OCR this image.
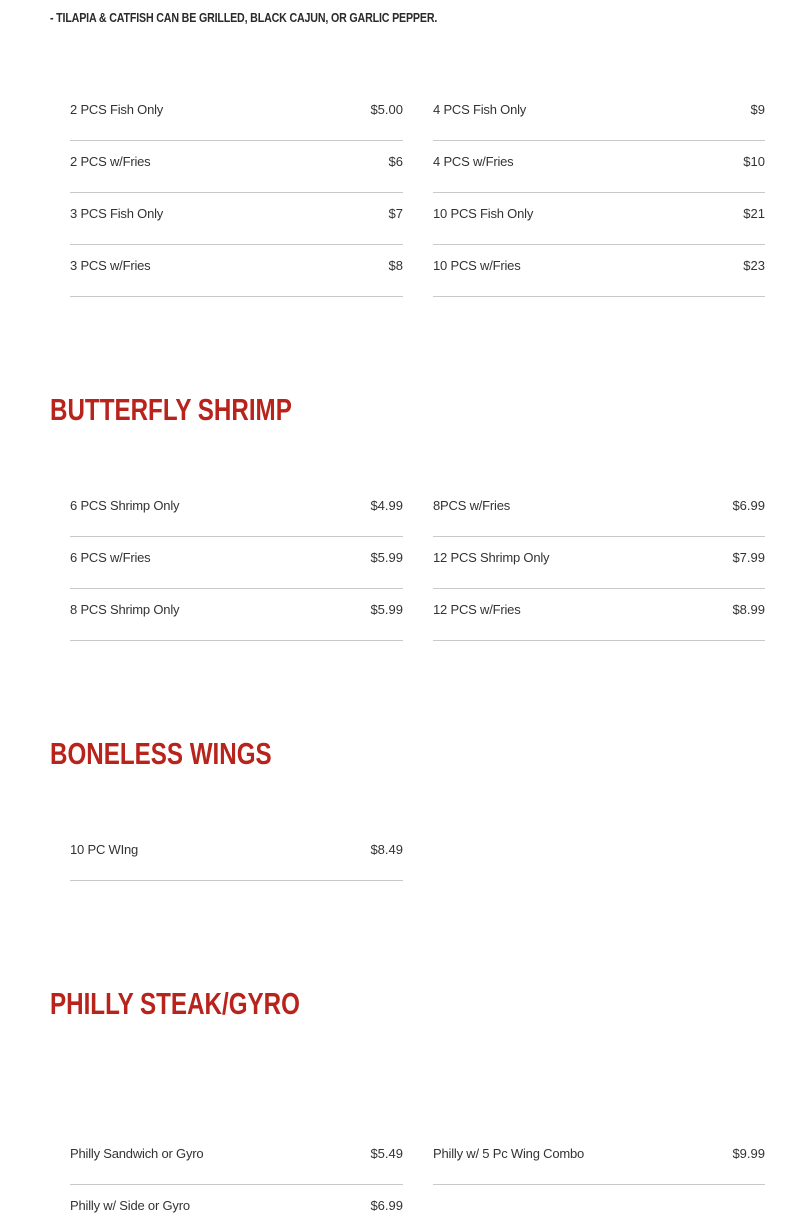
- TILAPIA & CATFISH CAN BE GRILLED, BLACK CAJUN, OR GARLIC PEPPER.
2 PCS Fish Only	$5.00
2 PCS w/Fries	$6
3 PCS Fish Only	$7
3 PCS w/Fries	$8
4 PCS Fish Only	$9
4 PCS w/Fries	$10
10 PCS Fish Only	$21
10 PCS w/Fries	$23
BUTTERFLY SHRIMP
6 PCS Shrimp Only	$4.99
6 PCS w/Fries	$5.99
8 PCS Shrimp Only	$5.99
8PCS w/Fries	$6.99
12 PCS Shrimp Only	$7.99
12 PCS w/Fries	$8.99
BONELESS WINGS
10 PC WIng	$8.49
PHILLY STEAK/GYRO
Philly Sandwich or Gyro	$5.49
Philly w/ Side or Gyro	$6.99
Philly w/ 5 Pc Wing Combo	$9.99
